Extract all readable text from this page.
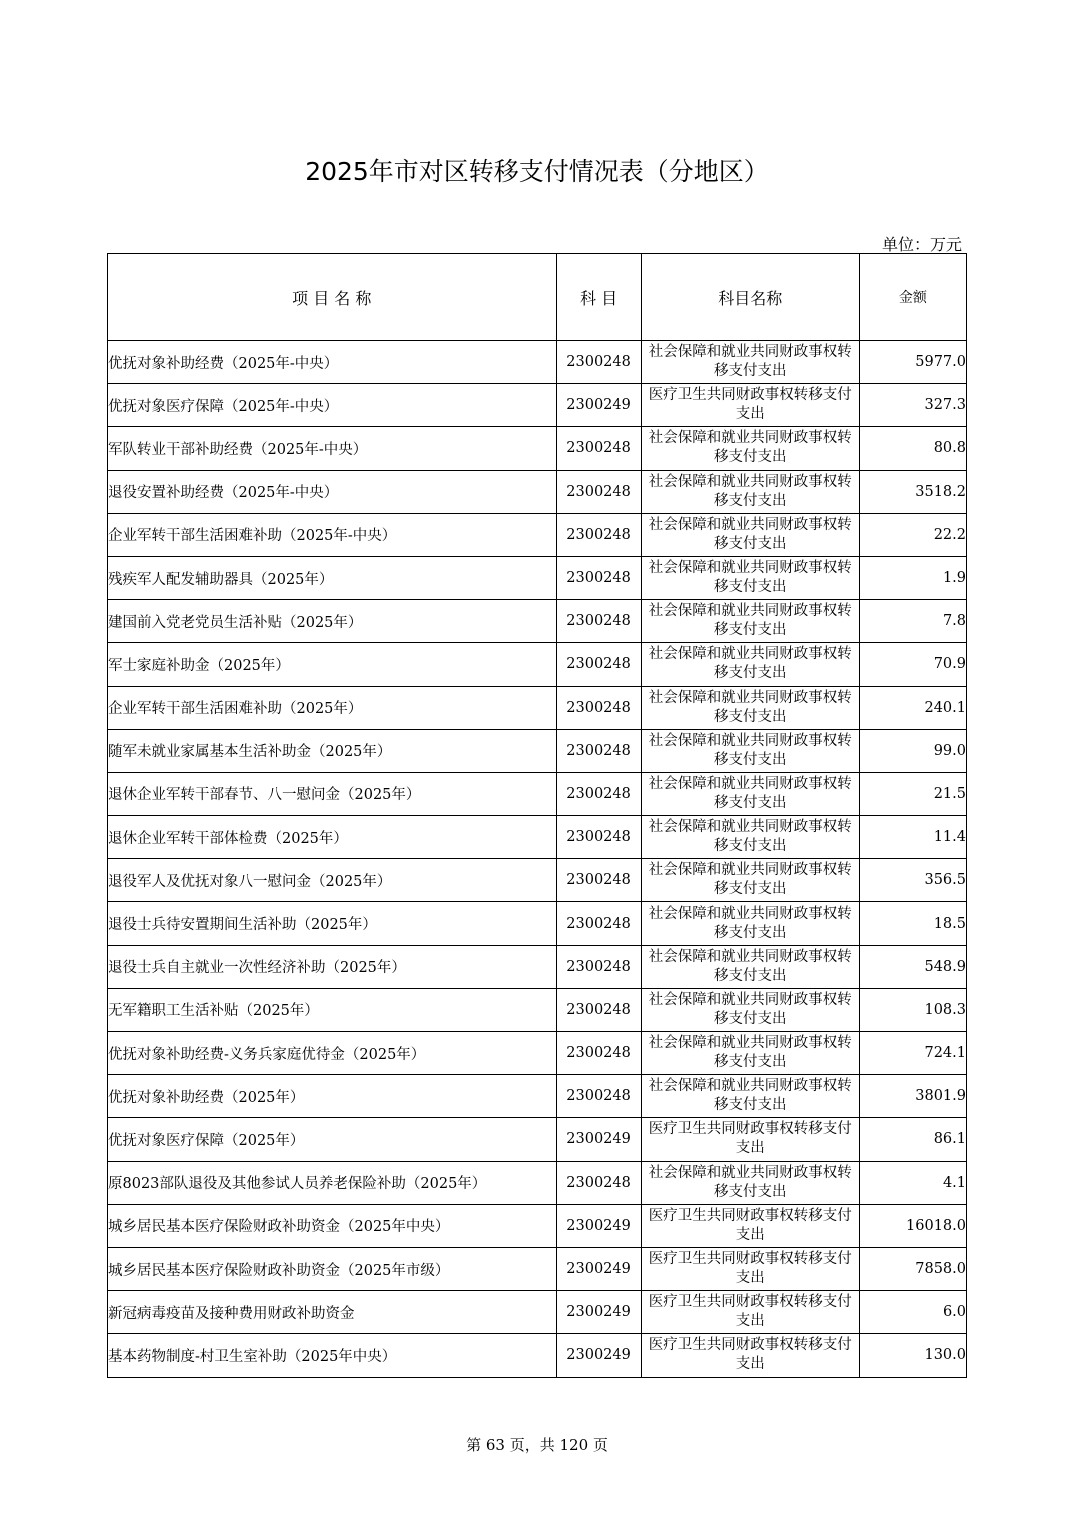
2025年市对区转移支付情况表（分地区）
单位：万元
项 目 名 称	科 目	科目名称	金额
优抚对象补助经费（2025年-中央）	2300248	社会保障和就业共同财政事权转移支付支出	5977.0
优抚对象医疗保障（2025年-中央）	2300249	医疗卫生共同财政事权转移支付支出	327.3
军队转业干部补助经费（2025年-中央）	2300248	社会保障和就业共同财政事权转移支付支出	80.8
退役安置补助经费（2025年-中央）	2300248	社会保障和就业共同财政事权转移支付支出	3518.2
企业军转干部生活困难补助（2025年-中央）	2300248	社会保障和就业共同财政事权转移支付支出	22.2
残疾军人配发辅助器具（2025年）	2300248	社会保障和就业共同财政事权转移支付支出	1.9
建国前入党老党员生活补贴（2025年）	2300248	社会保障和就业共同财政事权转移支付支出	7.8
军士家庭补助金（2025年）	2300248	社会保障和就业共同财政事权转移支付支出	70.9
企业军转干部生活困难补助（2025年）	2300248	社会保障和就业共同财政事权转移支付支出	240.1
随军未就业家属基本生活补助金（2025年）	2300248	社会保障和就业共同财政事权转移支付支出	99.0
退休企业军转干部春节、八一慰问金（2025年）	2300248	社会保障和就业共同财政事权转移支付支出	21.5
退休企业军转干部体检费（2025年）	2300248	社会保障和就业共同财政事权转移支付支出	11.4
退役军人及优抚对象八一慰问金（2025年）	2300248	社会保障和就业共同财政事权转移支付支出	356.5
退役士兵待安置期间生活补助（2025年）	2300248	社会保障和就业共同财政事权转移支付支出	18.5
退役士兵自主就业一次性经济补助（2025年）	2300248	社会保障和就业共同财政事权转移支付支出	548.9
无军籍职工生活补贴（2025年）	2300248	社会保障和就业共同财政事权转移支付支出	108.3
优抚对象补助经费-义务兵家庭优待金（2025年）	2300248	社会保障和就业共同财政事权转移支付支出	724.1
优抚对象补助经费（2025年）	2300248	社会保障和就业共同财政事权转移支付支出	3801.9
优抚对象医疗保障（2025年）	2300249	医疗卫生共同财政事权转移支付支出	86.1
原8023部队退役及其他参试人员养老保险补助（2025年）	2300248	社会保障和就业共同财政事权转移支付支出	4.1
城乡居民基本医疗保险财政补助资金（2025年中央）	2300249	医疗卫生共同财政事权转移支付支出	16018.0
城乡居民基本医疗保险财政补助资金（2025年市级）	2300249	医疗卫生共同财政事权转移支付支出	7858.0
新冠病毒疫苗及接种费用财政补助资金	2300249	医疗卫生共同财政事权转移支付支出	6.0
基本药物制度-村卫生室补助（2025年中央）	2300249	医疗卫生共同财政事权转移支付支出	130.0
第 63 页，共 120 页
